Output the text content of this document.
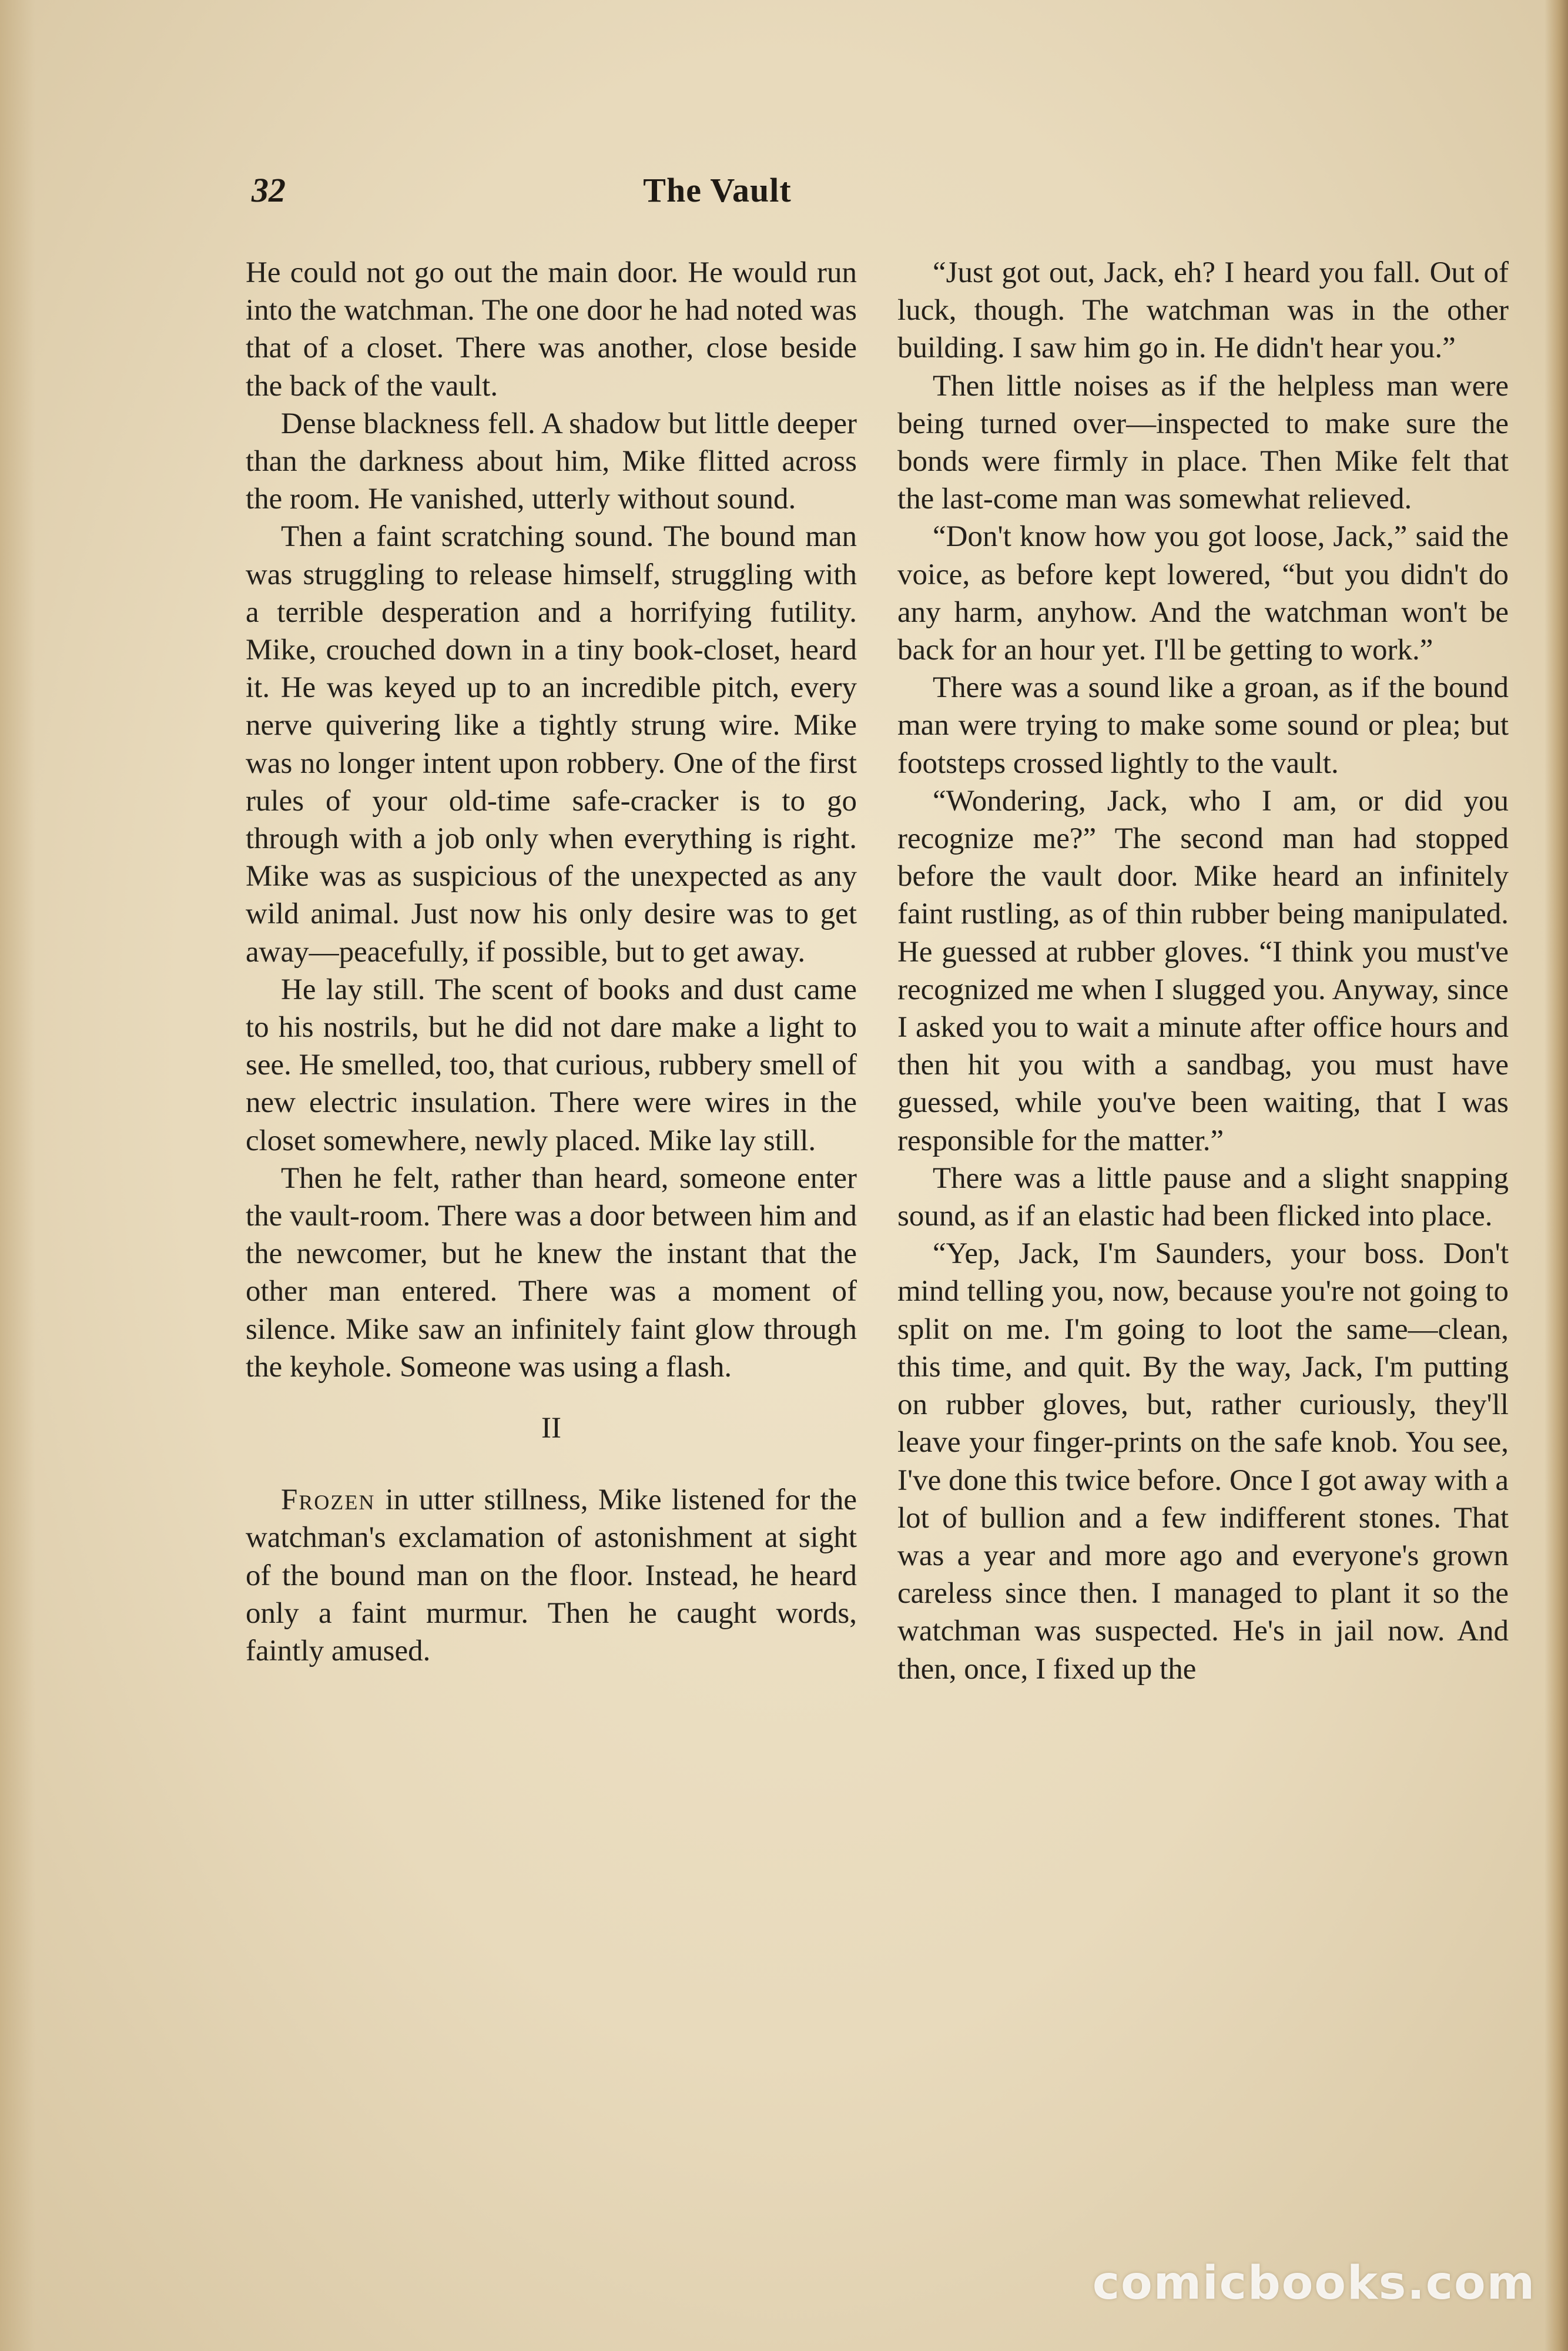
32	The Vault

He could not go out the main door. He would run into the watchman. The one door he had noted was that of a closet. There was another, close beside the back of the vault.

Dense blackness fell. A shadow but little deeper than the darkness about him, Mike flitted across the room. He vanished, utterly without sound.

Then a faint scratching sound. The bound man was struggling to release himself, struggling with a terrible desperation and a horrifying futility. Mike, crouched down in a tiny book-closet, heard it. He was keyed up to an incredible pitch, every nerve quivering like a tightly strung wire. Mike was no longer intent upon robbery. One of the first rules of your old-time safe-cracker is to go through with a job only when everything is right. Mike was as suspicious of the unexpected as any wild animal. Just now his only desire was to get away—peacefully, if possible, but to get away.

He lay still. The scent of books and dust came to his nostrils, but he did not dare make a light to see. He smelled, too, that curious, rubbery smell of new electric insulation. There were wires in the closet somewhere, newly placed. Mike lay still.

Then he felt, rather than heard, someone enter the vault-room. There was a door between him and the newcomer, but he knew the instant that the other man entered. There was a moment of silence. Mike saw an infinitely faint glow through the keyhole. Someone was using a flash.

II

Frozen in utter stillness, Mike listened for the watchman's exclamation of astonishment at sight of the bound man on the floor. Instead, he heard only a faint murmur. Then he caught words, faintly amused.

“Just got out, Jack, eh? I heard you fall. Out of luck, though. The watchman was in the other building. I saw him go in. He didn't hear you.”

Then little noises as if the helpless man were being turned over—inspected to make sure the bonds were firmly in place. Then Mike felt that the last-come man was somewhat relieved.

“Don't know how you got loose, Jack,” said the voice, as before kept lowered, “but you didn't do any harm, anyhow. And the watchman won't be back for an hour yet. I'll be getting to work.”

There was a sound like a groan, as if the bound man were trying to make some sound or plea; but footsteps crossed lightly to the vault.

“Wondering, Jack, who I am, or did you recognize me?” The second man had stopped before the vault door. Mike heard an infinitely faint rustling, as of thin rubber being manipulated. He guessed at rubber gloves. “I think you must've recognized me when I slugged you. Anyway, since I asked you to wait a minute after office hours and then hit you with a sandbag, you must have guessed, while you've been waiting, that I was responsible for the matter.”

There was a little pause and a slight snapping sound, as if an elastic had been flicked into place.

“Yep, Jack, I'm Saunders, your boss. Don't mind telling you, now, because you're not going to split on me. I'm going to loot the same—clean, this time, and quit. By the way, Jack, I'm putting on rubber gloves, but, rather curiously, they'll leave your finger-prints on the safe knob. You see, I've done this twice before. Once I got away with a lot of bullion and a few indifferent stones. That was a year and more ago and everyone's grown careless since then. I managed to plant it so the watchman was suspected. He's in jail now. And then, once, I fixed up the

comicbooks.com
